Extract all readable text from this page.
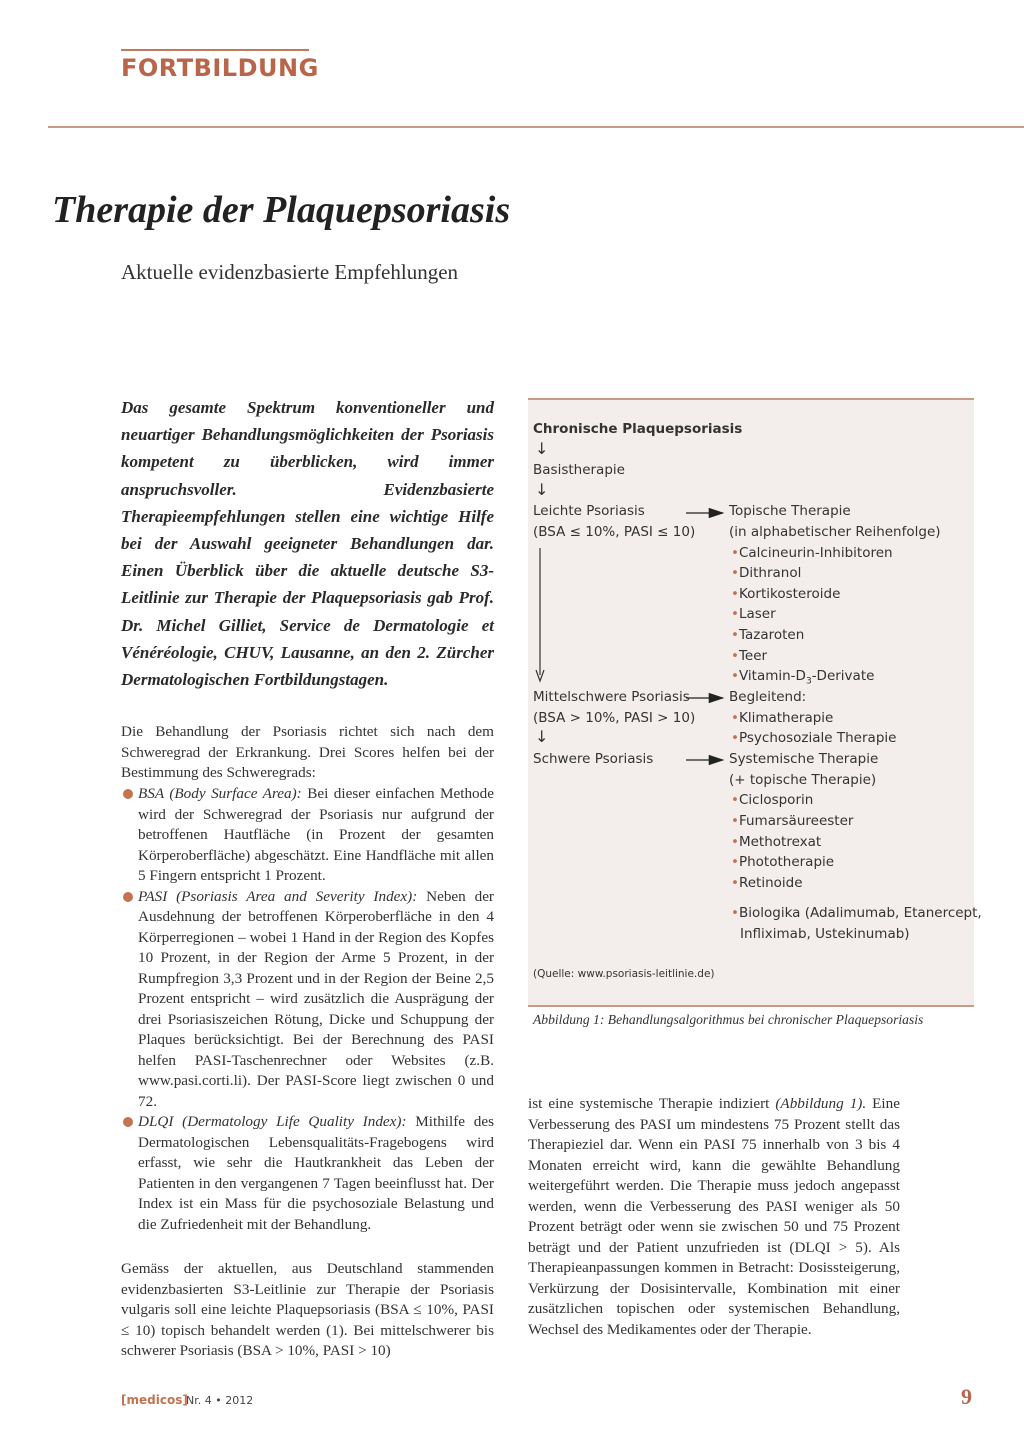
FORTBILDUNG
Therapie der Plaquepsoriasis
Aktuelle evidenzbasierte Empfehlungen
Das gesamte Spektrum konventioneller und neuartiger Behandlungsmöglichkeiten der Psoriasis kompetent zu überblicken, wird immer anspruchsvoller. Evidenzbasierte Therapieempfehlungen stellen eine wichtige Hilfe bei der Auswahl geeigneter Behandlungen dar. Einen Überblick über die aktuelle deutsche S3-Leitlinie zur Therapie der Plaquepsoriasis gab Prof. Dr. Michel Gilliet, Service de Dermatologie et Vénéréologie, CHUV, Lausanne, an den 2. Zürcher Dermatologischen Fortbildungstagen.
Die Behandlung der Psoriasis richtet sich nach dem Schweregrad der Erkrankung. Drei Scores helfen bei der Bestimmung des Schweregrads:
BSA (Body Surface Area): Bei dieser einfachen Methode wird der Schweregrad der Psoriasis nur aufgrund der betroffenen Hautfläche (in Prozent der gesamten Körperoberfläche) abgeschätzt. Eine Handfläche mit allen 5 Fingern entspricht 1 Prozent.
PASI (Psoriasis Area and Severity Index): Neben der Ausdehnung der betroffenen Körperoberfläche in den 4 Körperregionen – wobei 1 Hand in der Region des Kopfes 10 Prozent, in der Region der Arme 5 Prozent, in der Rumpfregion 3,3 Prozent und in der Region der Beine 2,5 Prozent entspricht – wird zusätzlich die Ausprägung der drei Psoriasiszeichen Rötung, Dicke und Schuppung der Plaques berücksichtigt. Bei der Berechnung des PASI helfen PASI-Taschenrechner oder Websites (z.B. www.pasi.corti.li). Der PASI-Score liegt zwischen 0 und 72.
DLQI (Dermatology Life Quality Index): Mithilfe des Dermatologischen Lebensqualitäts-Fragebogens wird erfasst, wie sehr die Hautkrankheit das Leben der Patienten in den vergangenen 7 Tagen beeinflusst hat. Der Index ist ein Mass für die psychosoziale Belastung und die Zufriedenheit mit der Behandlung.
Gemäss der aktuellen, aus Deutschland stammenden evidenzbasierten S3-Leitlinie zur Therapie der Psoriasis vulgaris soll eine leichte Plaquepsoriasis (BSA ≤ 10%, PASI ≤ 10) topisch behandelt werden (1). Bei mittelschwerer bis schwerer Psoriasis (BSA > 10%, PASI > 10)
Chronische Plaquepsoriasis
↓
Basistherapie
↓
Leichte Psoriasis
(BSA ≤ 10%, PASI ≤ 10)
Topische Therapie
(in alphabetischer Reihenfolge)
•Calcineurin-Inhibitoren
•Dithranol
•Kortikosteroide
•Laser
•Tazaroten
•Teer
$•Vitamin-D_3$-Derivate
Mittelschwere Psoriasis
(BSA > 10%, PASI > 10)
↓
Begleitend:
•Klimatherapie
•Psychosoziale Therapie
Schwere Psoriasis	Systemische Therapie
(+ topische Therapie)
•Ciclosporin
•Fumarsäureester
•Methotrexat
•Phototherapie
•Retinoide
•Biologika (Adalimumab, Etanercept,
Infliximab, Ustekinumab)
(Quelle: www.psoriasis-leitlinie.de)
Abbildung 1: Behandlungsalgorithmus bei chronischer Plaquepsoriasis
ist eine systemische Therapie indiziert (Abbildung 1). Eine Verbesserung des PASI um mindestens 75 Prozent stellt das Therapieziel dar. Wenn ein PASI 75 innerhalb von 3 bis 4 Monaten erreicht wird, kann die gewählte Behandlung weitergeführt werden. Die Therapie muss jedoch angepasst werden, wenn die Verbesserung des PASI weniger als 50 Prozent beträgt oder wenn sie zwischen 50 und 75 Prozent beträgt und der Patient unzufrieden ist (DLQI > 5). Als Therapieanpassungen kommen in Betracht: Dosissteigerung, Verkürzung der Dosisintervalle, Kombination mit einer zusätzlichen topischen oder systemischen Behandlung, Wechsel des Medikamentes oder der Therapie.
[medicos]
Nr. 4 • 2012	9
